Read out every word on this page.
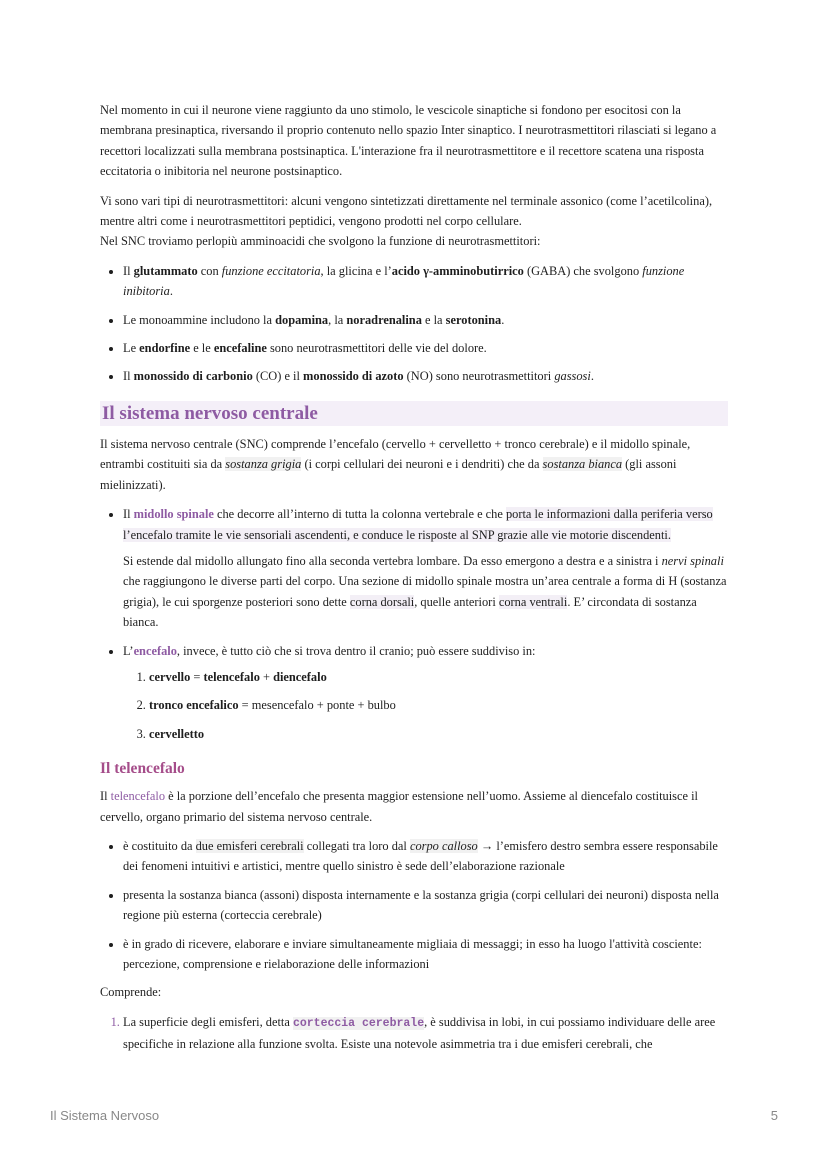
Nel momento in cui il neurone viene raggiunto da uno stimolo, le vescicole sinaptiche si fondono per esocitosi con la membrana presinaptica, riversando il proprio contenuto nello spazio Inter sinaptico. I neurotrasmettitori rilasciati si legano a recettori localizzati sulla membrana postsinaptica. L'interazione fra il neurotrasmettitore e il recettore scatena una risposta eccitatoria o inibitoria nel neurone postsinaptico.

Vi sono vari tipi di neurotrasmettitori: alcuni vengono sintetizzati direttamente nel terminale assonico (come l’acetilcolina), mentre altri come i neurotrasmettitori peptidici, vengono prodotti nel corpo cellulare.
Nel SNC troviamo perlopiù amminoacidi che svolgono la funzione di neurotrasmettitori:

• Il glutammato con funzione eccitatoria, la glicina e l’acido γ-amminobutirrico (GABA) che svolgono funzione inibitoria.
• Le monoammine includono la dopamina, la noradrenalina e la serotonina.
• Le endorfine e le encefaline sono neurotrasmettitori delle vie del dolore.
• Il monossido di carbonio (CO) e il monossido di azoto (NO) sono neurotrasmettitori gassosi.
Il sistema nervoso centrale

Il sistema nervoso centrale (SNC) comprende l’encefalo (cervello + cervelletto + tronco cerebrale) e il midollo spinale, entrambi costituiti sia da sostanza grigia (i corpi cellulari dei neuroni e i dendriti) che da sostanza bianca (gli assoni mielinizzati).

• Il midollo spinale che decorre all’interno di tutta la colonna vertebrale e che porta le informazioni dalla periferia verso l’encefalo tramite le vie sensoriali ascendenti, e conduce le risposte al SNP grazie alle vie motorie discendenti.
Si estende dal midollo allungato fino alla seconda vertebra lombare. Da esso emergono a destra e a sinistra i nervi spinali che raggiungono le diverse parti del corpo. Una sezione di midollo spinale mostra un’area centrale a forma di H (sostanza grigia), le cui sporgenze posteriori sono dette corna dorsali, quelle anteriori corna ventrali. E’ circondata di sostanza bianca.
• L’encefalo, invece, è tutto ciò che si trova dentro il cranio; può essere suddiviso in:
1. cervello = telencefalo + diencefalo
2. tronco encefalico = mesencefalo + ponte + bulbo
3. cervelletto
Il telencefalo

Il telencefalo è la porzione dell’encefalo che presenta maggior estensione nell’uomo. Assieme al diencefalo costituisce il cervello, organo primario del sistema nervoso centrale.

• è costituito da due emisferi cerebrali collegati tra loro dal corpo calloso → l’emisfero destro sembra essere responsabile dei fenomeni intuitivi e artistici, mentre quello sinistro è sede dell’elaborazione razionale
• presenta la sostanza bianca (assoni) disposta internamente e la sostanza grigia (corpi cellulari dei neuroni) disposta nella regione più esterna (corteccia cerebrale)
• è in grado di ricevere, elaborare e inviare simultaneamente migliaia di messaggi; in esso ha luogo l'attività cosciente: percezione, comprensione e rielaborazione delle informazioni

Comprende:

1. La superficie degli emisferi, detta corteccia cerebrale, è suddivisa in lobi, in cui possiamo individuare delle aree specifiche in relazione alla funzione svolta. Esiste una notevole asimmetria tra i due emisferi cerebrali, che
Il Sistema Nervoso	5
